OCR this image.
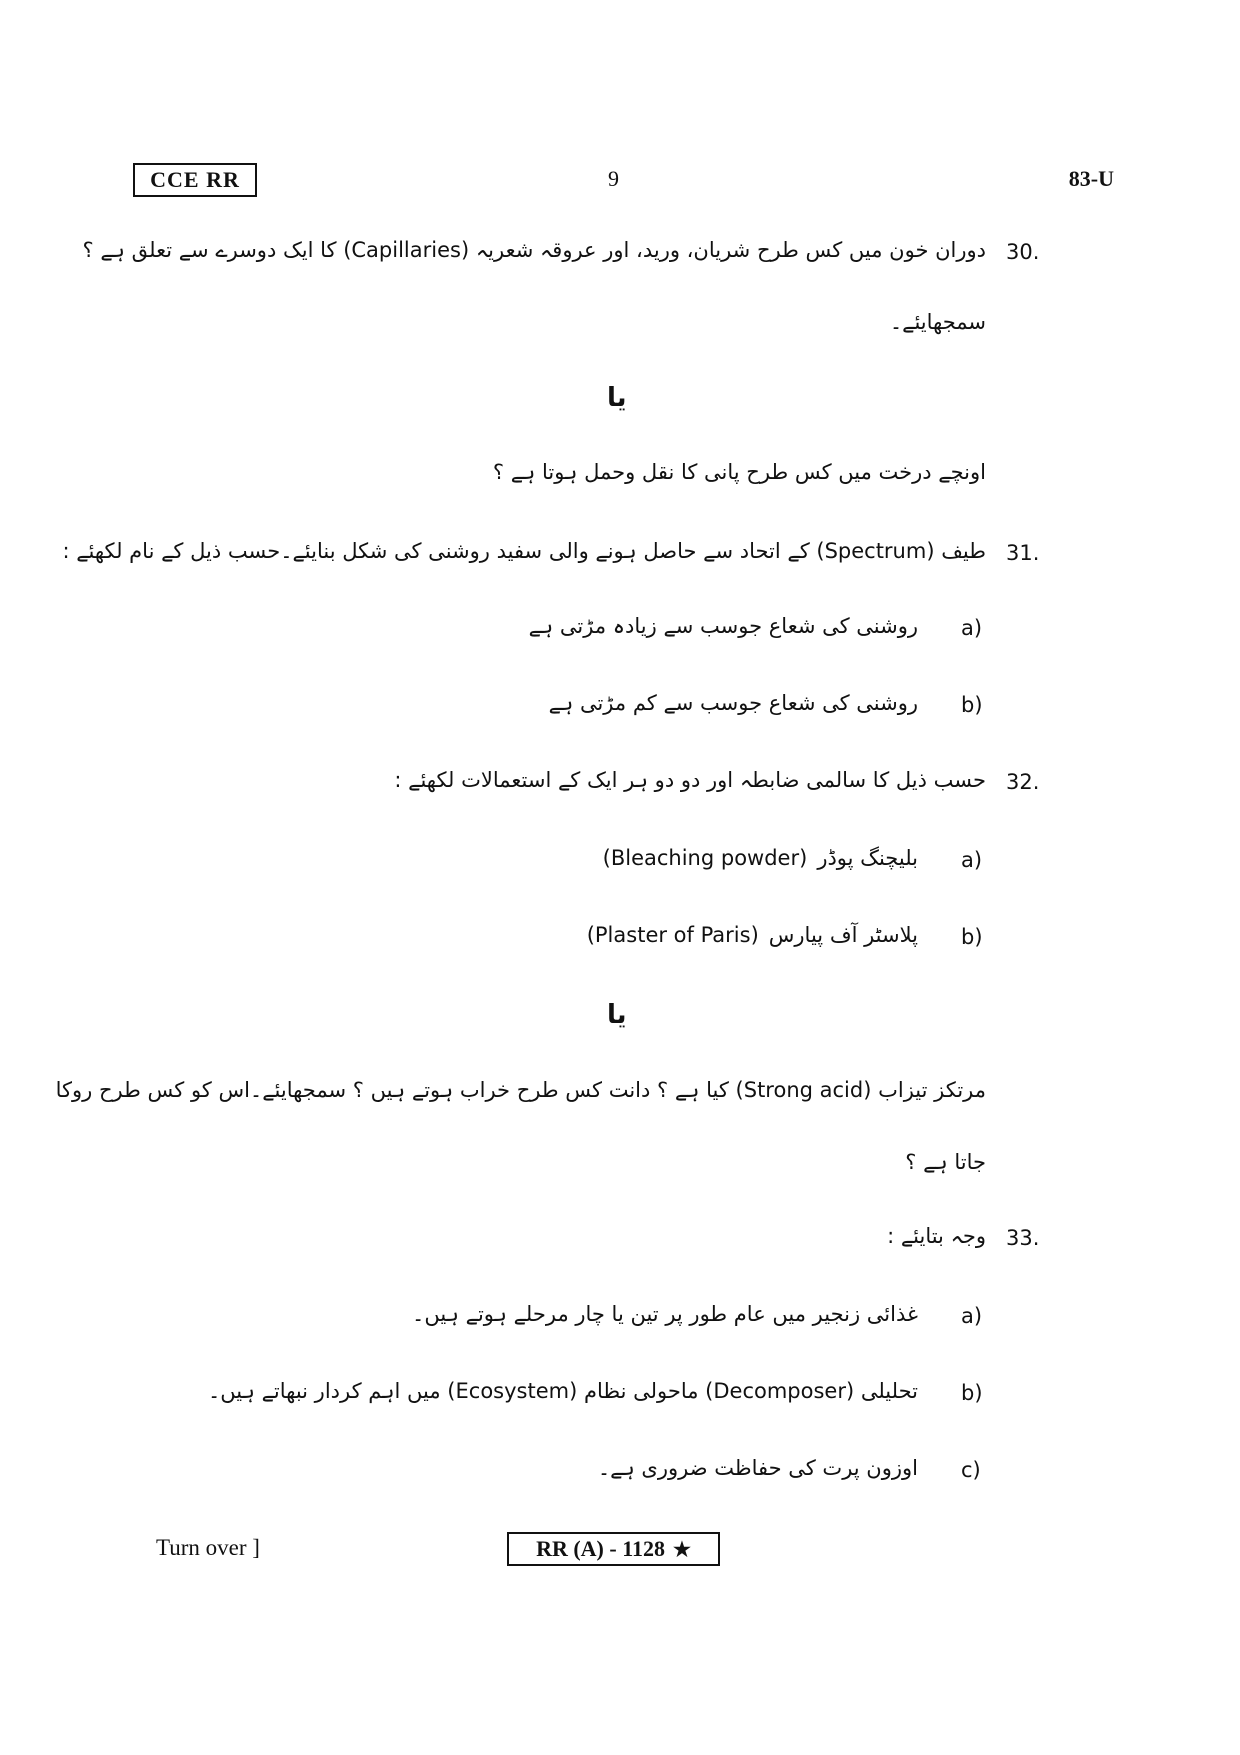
CCE RR	9	83-U
30.
دوران خون میں کس طرح شریان، ورید، اور عروقہ شعریہ (Capillaries) کا ایک دوسرے سے تعلق ہے ؟
سمجھایئے۔
یا
اونچے درخت میں کس طرح پانی کا نقل وحمل ہوتا ہے ؟
31.
طیف (Spectrum) کے اتحاد سے حاصل ہونے والی سفید روشنی کی شکل بنایئے۔حسب ذیل کے نام لکھئے :
a)
روشنی کی شعاع جوسب سے زیادہ مڑتی ہے
b)
روشنی کی شعاع جوسب سے کم مڑتی ہے
32.
حسب ذیل کا سالمی ضابطہ اور دو دو ہر ایک کے استعمالات لکھئے :
a)
(Bleaching powder) بلیچنگ پوڈر
b)
(Plaster of Paris) پلاسٹر آف پیارس
یا
مرتکز تیزاب (Strong acid) کیا ہے ؟ دانت کس طرح خراب ہوتے ہیں ؟ سمجھایئے۔اس کو کس طرح روکا
جاتا ہے ؟
33.
وجہ بتایئے :
a)
غذائی زنجیر میں عام طور پر تین یا چار مرحلے ہوتے ہیں۔
b)
تحلیلی (Decomposer) ماحولی نظام (Ecosystem) میں اہم کردار نبھاتے ہیں۔
c)
اوزون پرت کی حفاظت ضروری ہے۔
Turn over ]	RR (A) - 1128 ★
